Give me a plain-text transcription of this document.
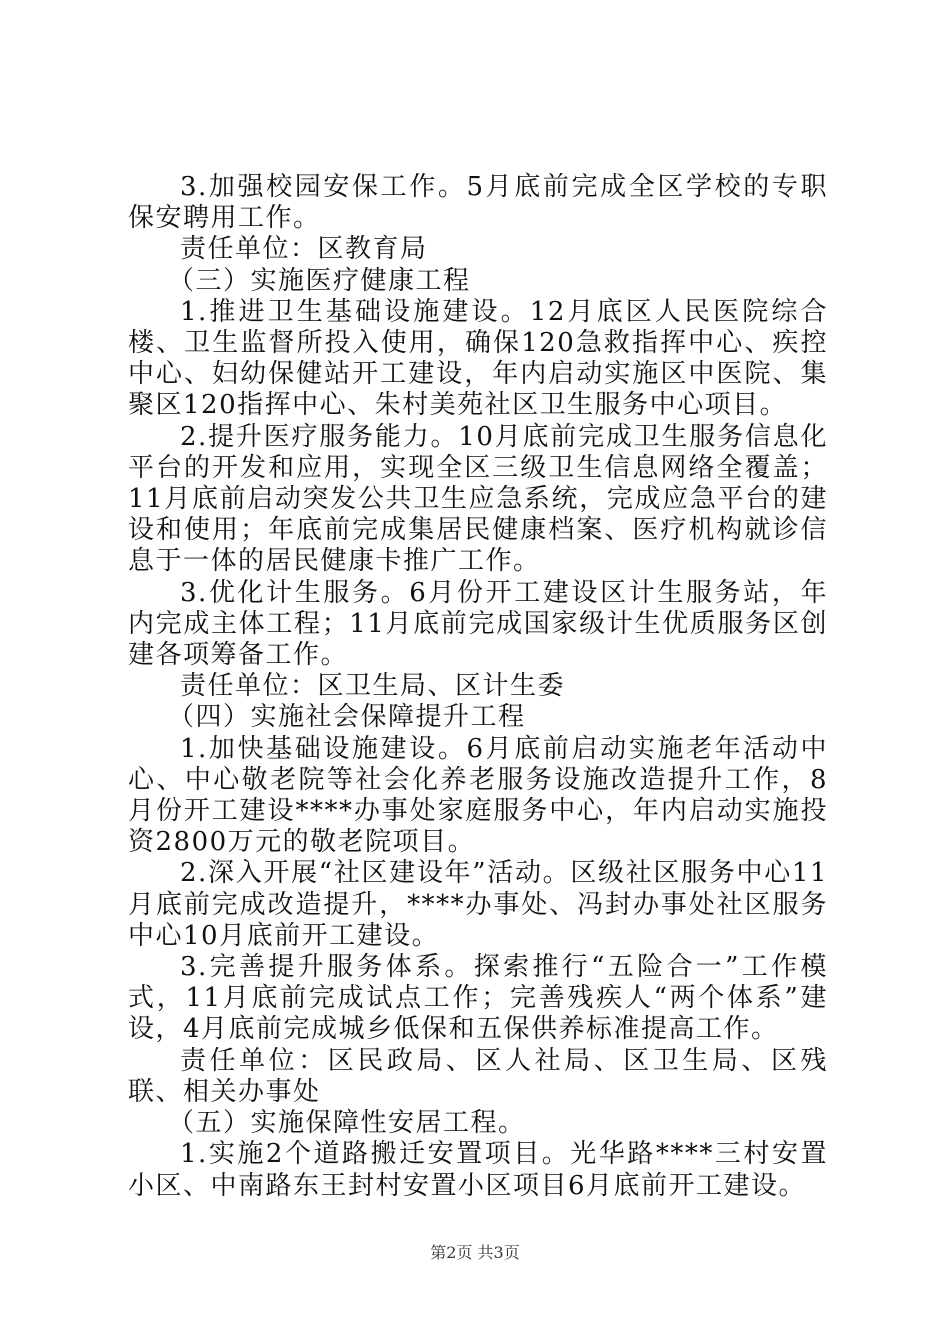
3.加强校园安保工作。5月底前完成全区学校的专职保安聘用工作。

责任单位：区教育局

（三）实施医疗健康工程

1.推进卫生基础设施建设。12月底区人民医院综合楼、卫生监督所投入使用，确保120急救指挥中心、疾控中心、妇幼保健站开工建设，年内启动实施区中医院、集聚区120指挥中心、朱村美苑社区卫生服务中心项目。

2.提升医疗服务能力。10月底前完成卫生服务信息化平台的开发和应用，实现全区三级卫生信息网络全覆盖；11月底前启动突发公共卫生应急系统，完成应急平台的建设和使用；年底前完成集居民健康档案、医疗机构就诊信息于一体的居民健康卡推广工作。

3.优化计生服务。6月份开工建设区计生服务站，年内完成主体工程；11月底前完成国家级计生优质服务区创建各项筹备工作。

责任单位：区卫生局、区计生委

（四）实施社会保障提升工程

1.加快基础设施建设。6月底前启动实施老年活动中心、中心敬老院等社会化养老服务设施改造提升工作，8月份开工建设****办事处家庭服务中心，年内启动实施投资2800万元的敬老院项目。

2.深入开展“社区建设年”活动。区级社区服务中心11月底前完成改造提升，****办事处、冯封办事处社区服务中心10月底前开工建设。

3.完善提升服务体系。探索推行“五险合一”工作模式，11月底前完成试点工作；完善残疾人“两个体系”建设，4月底前完成城乡低保和五保供养标准提高工作。

责任单位：区民政局、区人社局、区卫生局、区残联、相关办事处

（五）实施保障性安居工程。

1.实施2个道路搬迁安置项目。光华路****三村安置小区、中南路东王封村安置小区项目6月底前开工建设。

第2页 共3页
